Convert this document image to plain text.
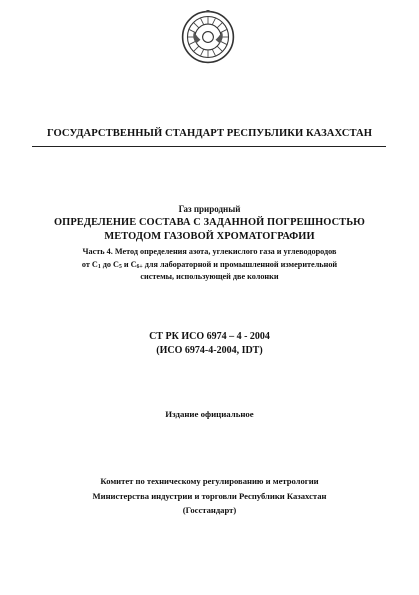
ГОСУДАРСТВЕННЫЙ СТАНДАРТ РЕСПУБЛИКИ КАЗАХСТАН
Газ природный
ОПРЕДЕЛЕНИЕ СОСТАВА С ЗАДАННОЙ ПОГРЕШНОСТЬЮ
МЕТОДОМ ГАЗОВОЙ ХРОМАТОГРАФИИ
Часть 4. Метод определения азота, углекислого газа и углеводородов
от $C_1$ до $C_5$ и $C_{6+}$ для лабораторной и промышленной измерительной
системы, использующей две колонки
СТ РК ИСО 6974 – 4 - 2004
(ИСО 6974-4-2004, IDT)
Издание официальное
Комитет по техническому регулированию и метрологии
Министерства индустрии и торговли Республики Казахстан
(Госстандарт)
